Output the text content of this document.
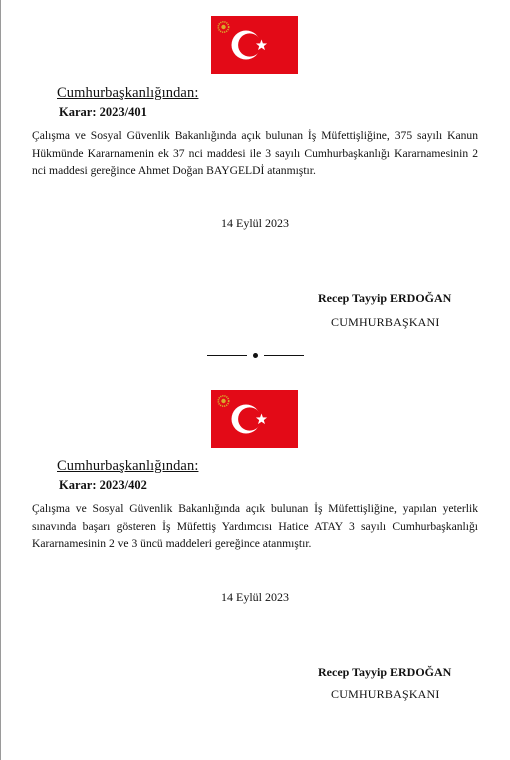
Cumhurbaşkanlığından:
Karar: 2023/401

Çalışma ve Sosyal Güvenlik Bakanlığında açık bulunan İş Müfettişliğine, 375 sayılı Kanun Hükmünde Kararnamenin ek 37 nci maddesi ile 3 sayılı Cumhurbaşkanlığı Kararnamesinin 2 nci maddesi gereğince Ahmet Doğan BAYGELDİ atanmıştır.

14 Eylül 2023
Recep Tayyip ERDOĞAN
CUMHURBAŞKANI
Cumhurbaşkanlığından:
Karar: 2023/402

Çalışma ve Sosyal Güvenlik Bakanlığında açık bulunan İş Müfettişliğine, yapılan yeterlik sınavında başarı gösteren İş Müfettiş Yardımcısı Hatice ATAY 3 sayılı Cumhurbaşkanlığı Kararnamesinin 2 ve 3 üncü maddeleri gereğince atanmıştır.

14 Eylül 2023
Recep Tayyip ERDOĞAN
CUMHURBAŞKANI
